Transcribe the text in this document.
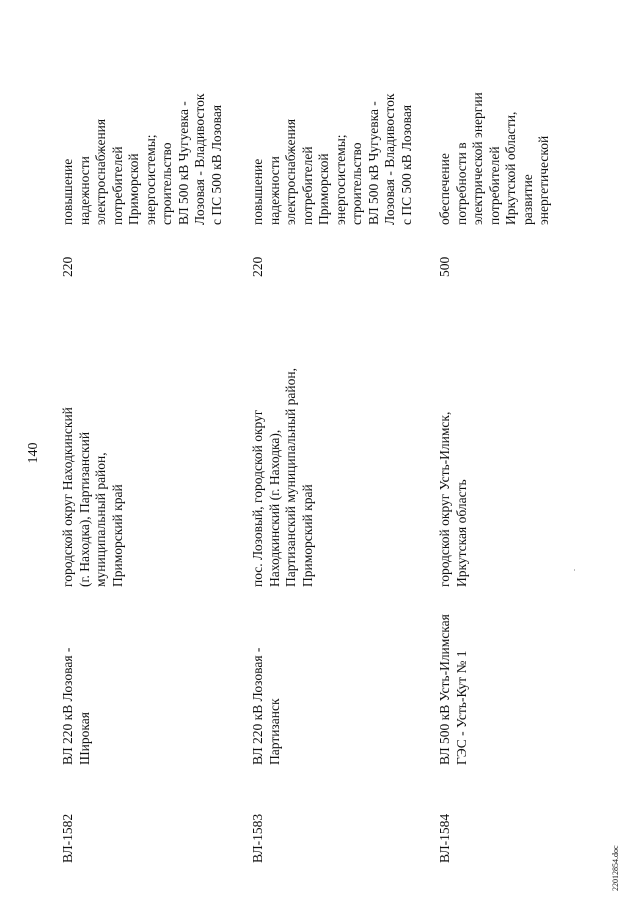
140
ВЛ-1582
ВЛ 220 кВ Лозовая - Широкая
городской округ Находкинский (г. Находка), Партизанский муниципальный район, Приморский край
220
повышение надежности электроснабжения потребителей Приморской энергосистемы; строительство ВЛ 500 кВ Чугуевка - Лозовая - Владивосток с ПС 500 кВ Лозовая
ВЛ-1583
ВЛ 220 кВ Лозовая - Партизанск
пос. Лозовый, городской округ Находкинский (г. Находка), Партизанский муниципальный район, Приморский край
220
повышение надежности электроснабжения потребителей Приморской энергосистемы; строительство ВЛ 500 кВ Чугуевка - Лозовая - Владивосток с ПС 500 кВ Лозовая
ВЛ-1584
ВЛ 500 кВ Усть-Илимская ГЭС - Усть-Кут № 1
городской округ Усть-Илимск, Иркутская область
500
обеспечение потребности в электрической энергии потребителей Иркутской области, развитие энергетической
22012854.doc
